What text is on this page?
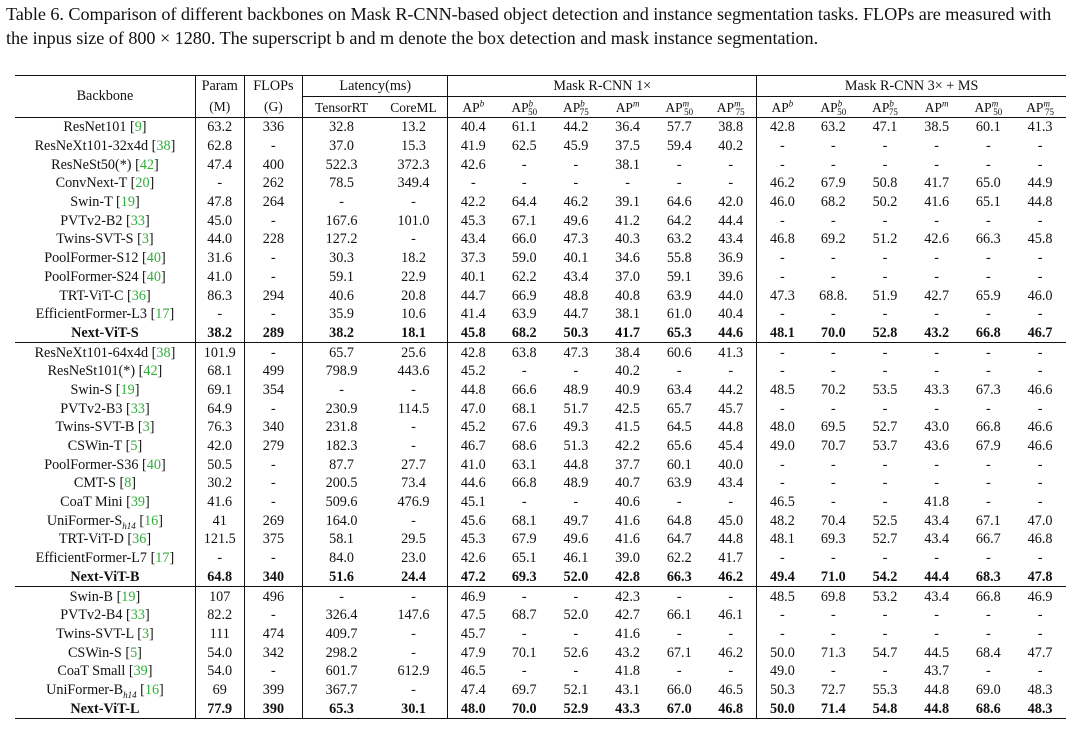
Table 6. Comparison of different backbones on Mask R-CNN-based object detection and instance segmentation tasks. FLOPs are measured with the inpus size of 800 × 1280. The superscript b and m denote the box detection and mask instance segmentation.
Backbone	Param	FLOPs	Latency(ms)		Mask R-CNN 1×						Mask R-CNN 3× + MS					
	(M)	(G)	TensorRT	CoreML	$AP^b$	$AP^b_{50}$	$AP^b_{75}$	$AP^m$	$AP^m_{50}$	$AP^m_{75}$	$AP^b$	$AP^b_{50}$	$AP^b_{75}$	$AP^m$	$AP^m_{50}$	$AP^m_{75}$
ResNet101 [9]	63.2	336	32.8	13.2	40.4	61.1	44.2	36.4	57.7	38.8	42.8	63.2	47.1	38.5	60.1	41.3
ResNeXt101-32x4d [38]	62.8	-	37.0	15.3	41.9	62.5	45.9	37.5	59.4	40.2	-	-	-	-	-	-
ResNeSt50(*) [42]	47.4	400	522.3	372.3	42.6	-	-	38.1	-	-	-	-	-	-	-	-
ConvNext-T [20]	-	262	78.5	349.4	-	-	-	-	-	-	46.2	67.9	50.8	41.7	65.0	44.9
Swin-T [19]	47.8	264	-	-	42.2	64.4	46.2	39.1	64.6	42.0	46.0	68.2	50.2	41.6	65.1	44.8
PVTv2-B2 [33]	45.0	-	167.6	101.0	45.3	67.1	49.6	41.2	64.2	44.4	-	-	-	-	-	-
Twins-SVT-S [3]	44.0	228	127.2	-	43.4	66.0	47.3	40.3	63.2	43.4	46.8	69.2	51.2	42.6	66.3	45.8
PoolFormer-S12 [40]	31.6	-	30.3	18.2	37.3	59.0	40.1	34.6	55.8	36.9	-	-	-	-	-	-
PoolFormer-S24 [40]	41.0	-	59.1	22.9	40.1	62.2	43.4	37.0	59.1	39.6	-	-	-	-	-	-
TRT-ViT-C [36]	86.3	294	40.6	20.8	44.7	66.9	48.8	40.8	63.9	44.0	47.3	68.8.	51.9	42.7	65.9	46.0
EfficientFormer-L3 [17]	-	-	35.9	10.6	41.4	63.9	44.7	38.1	61.0	40.4	-	-	-	-	-	-
Next-ViT-S	38.2	289	38.2	18.1	45.8	68.2	50.3	41.7	65.3	44.6	48.1	70.0	52.8	43.2	66.8	46.7
ResNeXt101-64x4d [38]	101.9	-	65.7	25.6	42.8	63.8	47.3	38.4	60.6	41.3	-	-	-	-	-	-
ResNeSt101(*) [42]	68.1	499	798.9	443.6	45.2	-	-	40.2	-	-	-	-	-	-	-	-
Swin-S [19]	69.1	354	-	-	44.8	66.6	48.9	40.9	63.4	44.2	48.5	70.2	53.5	43.3	67.3	46.6
PVTv2-B3 [33]	64.9	-	230.9	114.5	47.0	68.1	51.7	42.5	65.7	45.7	-	-	-	-	-	-
Twins-SVT-B [3]	76.3	340	231.8	-	45.2	67.6	49.3	41.5	64.5	44.8	48.0	69.5	52.7	43.0	66.8	46.6
CSWin-T [5]	42.0	279	182.3	-	46.7	68.6	51.3	42.2	65.6	45.4	49.0	70.7	53.7	43.6	67.9	46.6
PoolFormer-S36 [40]	50.5	-	87.7	27.7	41.0	63.1	44.8	37.7	60.1	40.0	-	-	-	-	-	-
CMT-S [8]	30.2	-	200.5	73.4	44.6	66.8	48.9	40.7	63.9	43.4	-	-	-	-	-	-
CoaT Mini [39]	41.6	-	509.6	476.9	45.1	-	-	40.6	-	-	46.5	-	-	41.8	-	-
UniFormer-$S_{h14}$ [16]	41	269	164.0	-	45.6	68.1	49.7	41.6	64.8	45.0	48.2	70.4	52.5	43.4	67.1	47.0
TRT-ViT-D [36]	121.5	375	58.1	29.5	45.3	67.9	49.6	41.6	64.7	44.8	48.1	69.3	52.7	43.4	66.7	46.8
EfficientFormer-L7 [17]	-	-	84.0	23.0	42.6	65.1	46.1	39.0	62.2	41.7	-	-	-	-	-	-
Next-ViT-B	64.8	340	51.6	24.4	47.2	69.3	52.0	42.8	66.3	46.2	49.4	71.0	54.2	44.4	68.3	47.8
Swin-B [19]	107	496	-	-	46.9	-	-	42.3	-	-	48.5	69.8	53.2	43.4	66.8	46.9
PVTv2-B4 [33]	82.2	-	326.4	147.6	47.5	68.7	52.0	42.7	66.1	46.1	-	-	-	-	-	-
Twins-SVT-L [3]	111	474	409.7	-	45.7	-	-	41.6	-	-	-	-	-	-	-	-
CSWin-S [5]	54.0	342	298.2	-	47.9	70.1	52.6	43.2	67.1	46.2	50.0	71.3	54.7	44.5	68.4	47.7
CoaT Small [39]	54.0	-	601.7	612.9	46.5	-	-	41.8	-	-	49.0	-	-	43.7	-	-
UniFormer-$B_{h14}$ [16]	69	399	367.7	-	47.4	69.7	52.1	43.1	66.0	46.5	50.3	72.7	55.3	44.8	69.0	48.3
Next-ViT-L	77.9	390	65.3	30.1	48.0	70.0	52.9	43.3	67.0	46.8	50.0	71.4	54.8	44.8	68.6	48.3
